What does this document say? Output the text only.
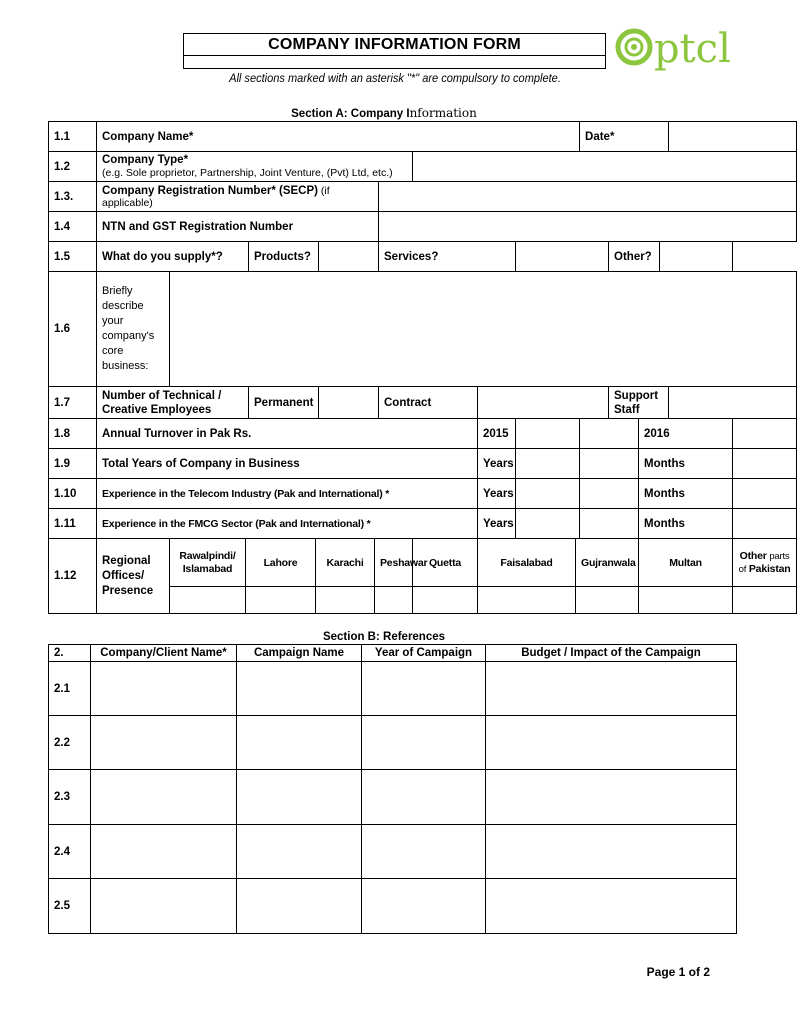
COMPANY INFORMATION FORM	ptcl
All sections marked with an asterisk "*" are compulsory to complete.
Section A: Company Information
1.1	Company Name*												Date*					
1.2	Company Type*
(e.g. Sole proprietor, Partnership, Joint Venture, (Pvt) Ltd, etc.)																	

1.3.	Company Registration Number* (SECP) (if applicable)																	
1.4	NTN and GST Registration Number																	
1.5	What do you supply*?			Products?				Services?						Other?				
1.6	Briefly describe your company's core business:																	
1.7	Number of Technical / Creative Employees			Permanent				Contract						Support Staff				
1.8	Annual Turnover in Pak Rs.									2015					2016			
1.9	Total Years of Company in Business									Years					Months			
1.10	Experience in the Telecom Industry (Pak and International) *									Years					Months			
1.11	Experience in the FMCG Sector (Pak and International) *									Years					Months			
1.12	Regional Offices/ Presence	Rawalpindi/ Islamabad	Lahore		Karachi		Peshawar		Quetta	Faisalabad		Gujranwala			Multan			Other parts of Pakistan

Section B: References
2.	Company/Client Name*	Campaign Name	Year of Campaign	Budget / Impact of the Campaign
2.1				
2.2				
2.3				
2.4				
2.5				
Page 1 of 2
